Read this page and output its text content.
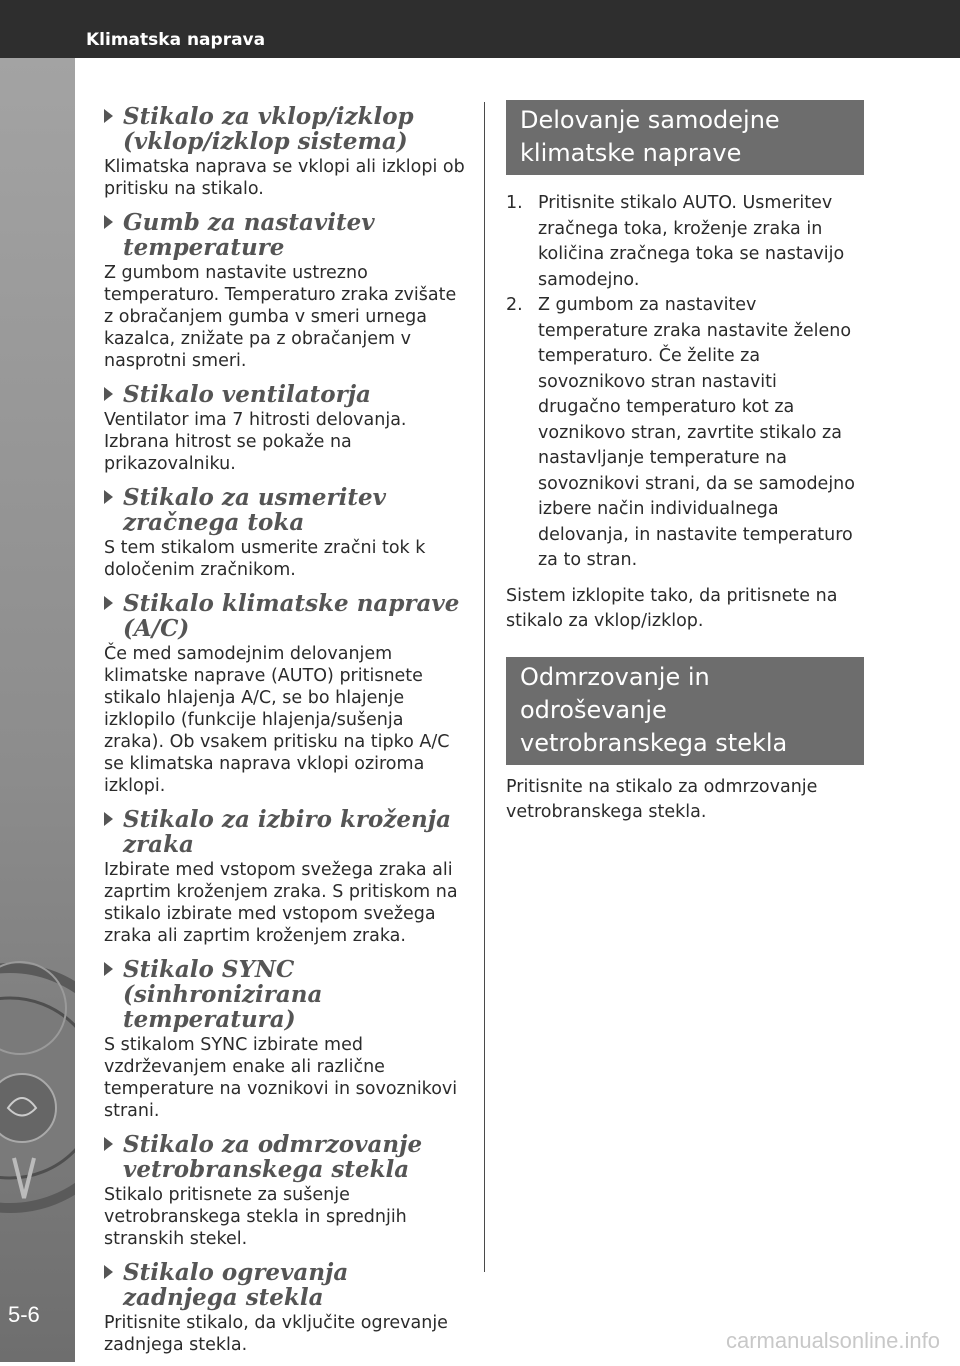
Klimatska naprava
5-6
Stikalo za vklop/izklop (vklop/izklop sistema)
Klimatska naprava se vklopi ali izklopi ob pritisku na stikalo.
Gumb za nastavitev temperature
Z gumbom nastavite ustrezno temperaturo. Temperaturo zraka zvišate z obračanjem gumba v smeri urnega kazalca, znižate pa z obračanjem v nasprotni smeri.
Stikalo ventilatorja
Ventilator ima 7 hitrosti delovanja. Izbrana hitrost se pokaže na prikazovalniku.
Stikalo za usmeritev zračnega toka
S tem stikalom usmerite zračni tok k določenim zračnikom.
Stikalo klimatske naprave (A/C)
Če med samodejnim delovanjem klimatske naprave (AUTO) pritisnete stikalo hlajenja A/C, se bo hlajenje izklopilo (funkcije hlajenja/sušenja zraka). Ob vsakem pritisku na tipko A/C se klimatska naprava vklopi oziroma izklopi.
Stikalo za izbiro kroženja zraka
Izbirate med vstopom svežega zraka ali zaprtim kroženjem zraka. S pritiskom na stikalo izbirate med vstopom svežega zraka ali zaprtim kroženjem zraka.
Stikalo SYNC (sinhronizirana temperatura)
S stikalom SYNC izbirate med vzdrževanjem enake ali različne temperature na voznikovi in sovoznikovi strani.
Stikalo za odmrzovanje vetrobranskega stekla
Stikalo pritisnete za sušenje vetrobranskega stekla in sprednjih stranskih stekel.
Stikalo ogrevanja zadnjega stekla
Pritisnite stikalo, da vključite ogrevanje zadnjega stekla.
Delovanje samodejne klimatske naprave
1. Pritisnite stikalo AUTO. Usmeritev zračnega toka, kroženje zraka in količina zračnega toka se nastavijo samodejno.
2. Z gumbom za nastavitev temperature zraka nastavite želeno temperaturo. Če želite za sovoznikovo stran nastaviti drugačno temperaturo kot za voznikovo stran, zavrtite stikalo za nastavljanje temperature na sovoznikovi strani, da se samodejno izbere način individualnega delovanja, in nastavite temperaturo za to stran.

Sistem izklopite tako, da pritisnete na stikalo za vklop/izklop.

Odmrzovanje in odroševanje vetrobranskega stekla

Pritisnite na stikalo za odmrzovanje vetrobranskega stekla.

carmanualsonline.info
